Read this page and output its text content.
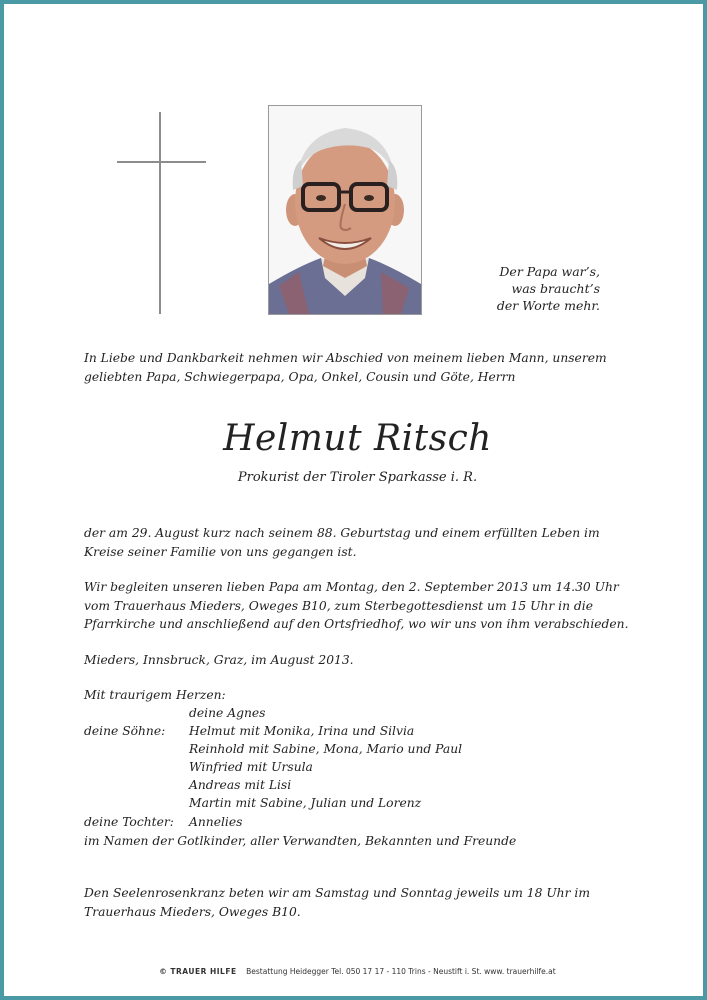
Der Papa war’s,
was braucht’s
der Worte mehr.
In Liebe und Dankbarkeit nehmen wir Abschied von meinem lieben Mann, unserem
geliebten Papa, Schwiegerpapa, Opa, Onkel, Cousin und Göte, Herrn
Helmut Ritsch
Prokurist der Tiroler Sparkasse i. R.
der am 29. August kurz nach seinem 88. Geburtstag und einem erfüllten Leben im
Kreise seiner Familie von uns gegangen ist.
Wir begleiten unseren lieben Papa am Montag, den 2. September 2013 um 14.30 Uhr
vom Trauerhaus Mieders, Oweges B10, zum Sterbegottesdienst um 15 Uhr in die
Pfarrkirche und anschließend auf den Ortsfriedhof, wo wir uns von ihm verabschieden.
Mieders, Innsbruck, Graz, im August 2013.
Mit traurigem Herzen:
deine Agnes
deine Söhne: Helmut mit Monika, Irina und Silvia
Reinhold mit Sabine, Mona, Mario und Paul
Winfried mit Ursula
Andreas mit Lisi
Martin mit Sabine, Julian und Lorenz
deine Tochter: Annelies
im Namen der Gotlkinder, aller Verwandten, Bekannten und Freunde
Den Seelenrosenkranz beten wir am Samstag und Sonntag jeweils um 18 Uhr im
Trauerhaus Mieders, Oweges B10.
© TRAUER HILFE Bestattung Heidegger Tel. 050 17 17 - 110 Trins - Neustift i. St. www. trauerhilfe.at
